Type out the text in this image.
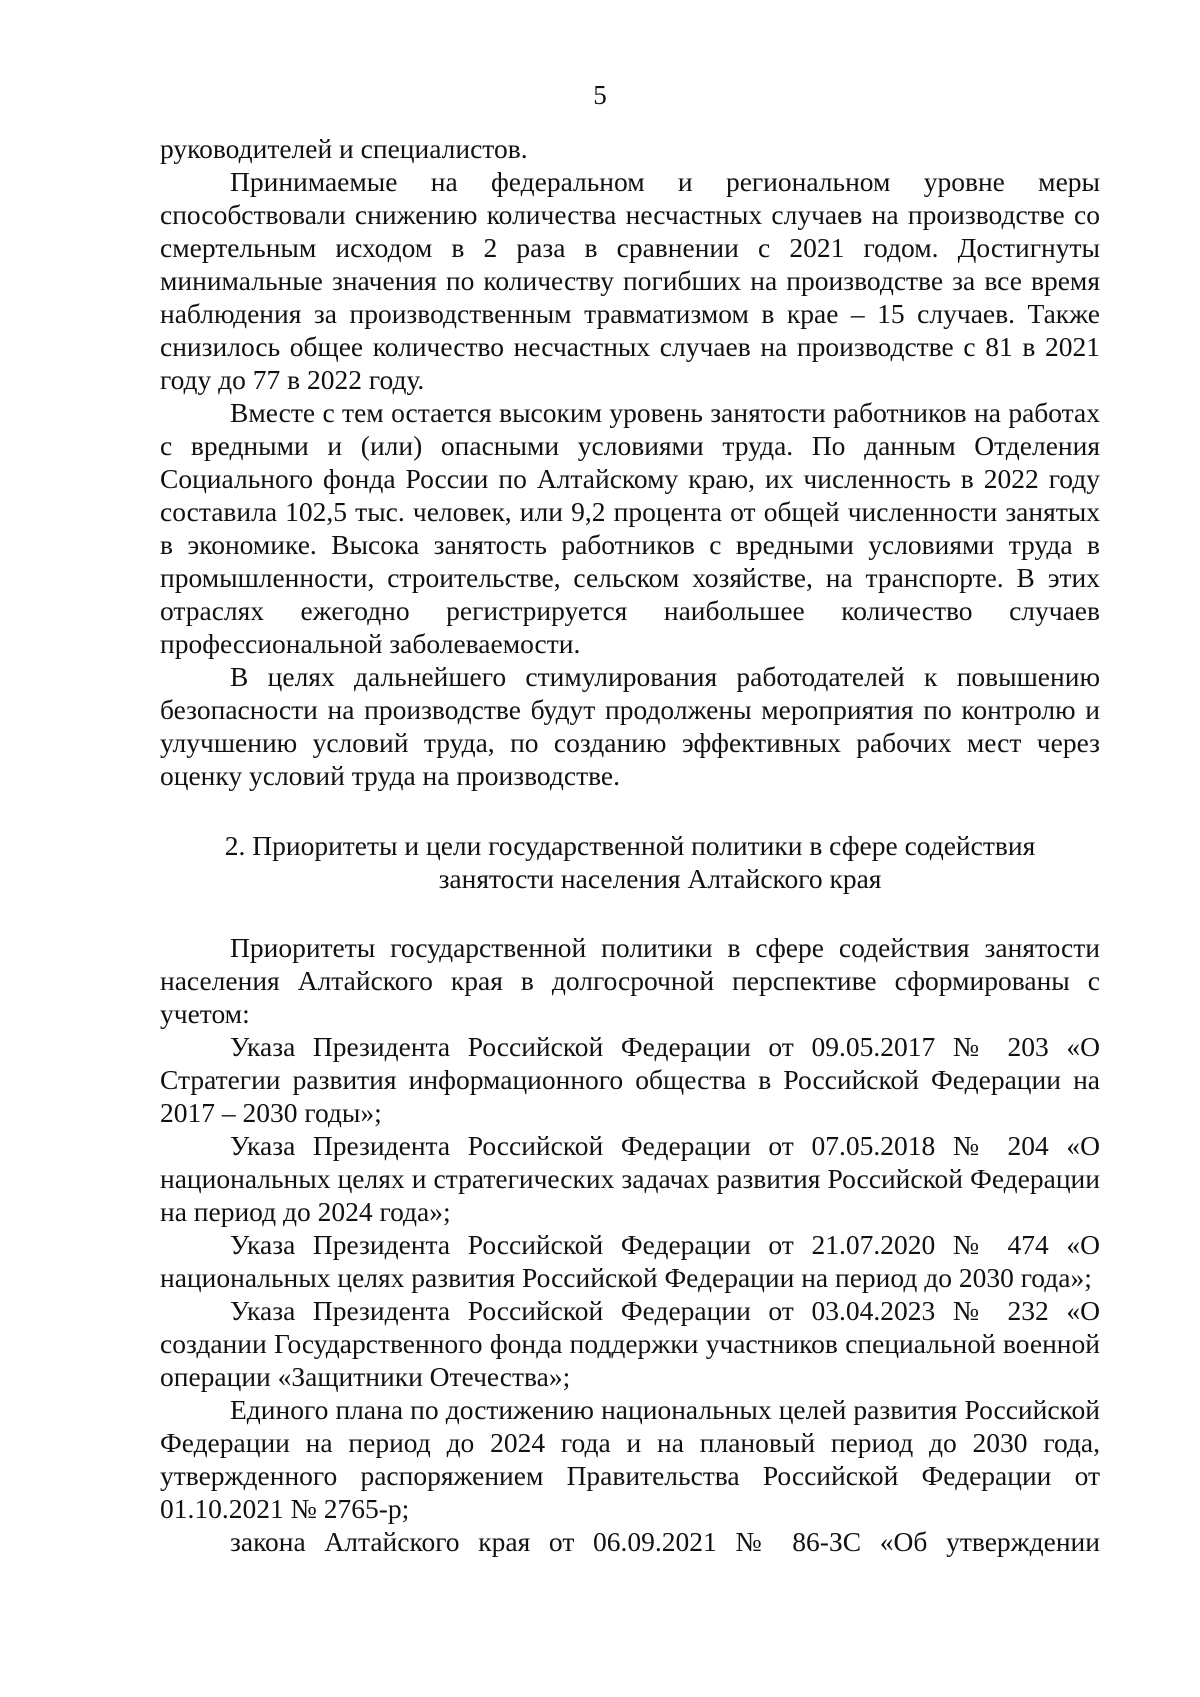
5

руководителей и специалистов.

Принимаемые на федеральном и региональном уровне меры способствовали снижению количества несчастных случаев на производстве со смертельным исходом в 2 раза в сравнении с 2021 годом. Достигнуты минимальные значения по количеству погибших на производстве за все время наблюдения за производственным травматизмом в крае – 15 случаев. Также снизилось общее количество несчастных случаев на производстве с 81 в 2021 году до 77 в 2022 году.

Вместе с тем остается высоким уровень занятости работников на работах с вредными и (или) опасными условиями труда. По данным Отделения Социального фонда России по Алтайскому краю, их численность в 2022 году составила 102,5 тыс. человек, или 9,2 процента от общей численности занятых в экономике. Высока занятость работников с вредными условиями труда в промышленности, строительстве, сельском хозяйстве, на транспорте. В этих отраслях ежегодно регистрируется наибольшее количество случаев профессиональной заболеваемости.

В целях дальнейшего стимулирования работодателей к повышению безопасности на производстве будут продолжены мероприятия по контролю и улучшению условий труда, по созданию эффективных рабочих мест через оценку условий труда на производстве.

2. Приоритеты и цели государственной политики в сфере содействия
занятости населения Алтайского края

Приоритеты государственной политики в сфере содействия занятости населения Алтайского края в долгосрочной перспективе сформированы с учетом:

Указа Президента Российской Федерации от 09.05.2017 № 203 «О Стратегии развития информационного общества в Российской Федерации на 2017 – 2030 годы»;

Указа Президента Российской Федерации от 07.05.2018 № 204 «О национальных целях и стратегических задачах развития Российской Федерации на период до 2024 года»;

Указа Президента Российской Федерации от 21.07.2020 № 474 «О национальных целях развития Российской Федерации на период до 2030 года»;

Указа Президента Российской Федерации от 03.04.2023 № 232 «О создании Государственного фонда поддержки участников специальной военной операции «Защитники Отечества»;

Единого плана по достижению национальных целей развития Российской Федерации на период до 2024 года и на плановый период до 2030 года, утвержденного распоряжением Правительства Российской Федерации от 01.10.2021 № 2765-р;

закона Алтайского края от 06.09.2021 № 86-ЗС «Об утверждении
